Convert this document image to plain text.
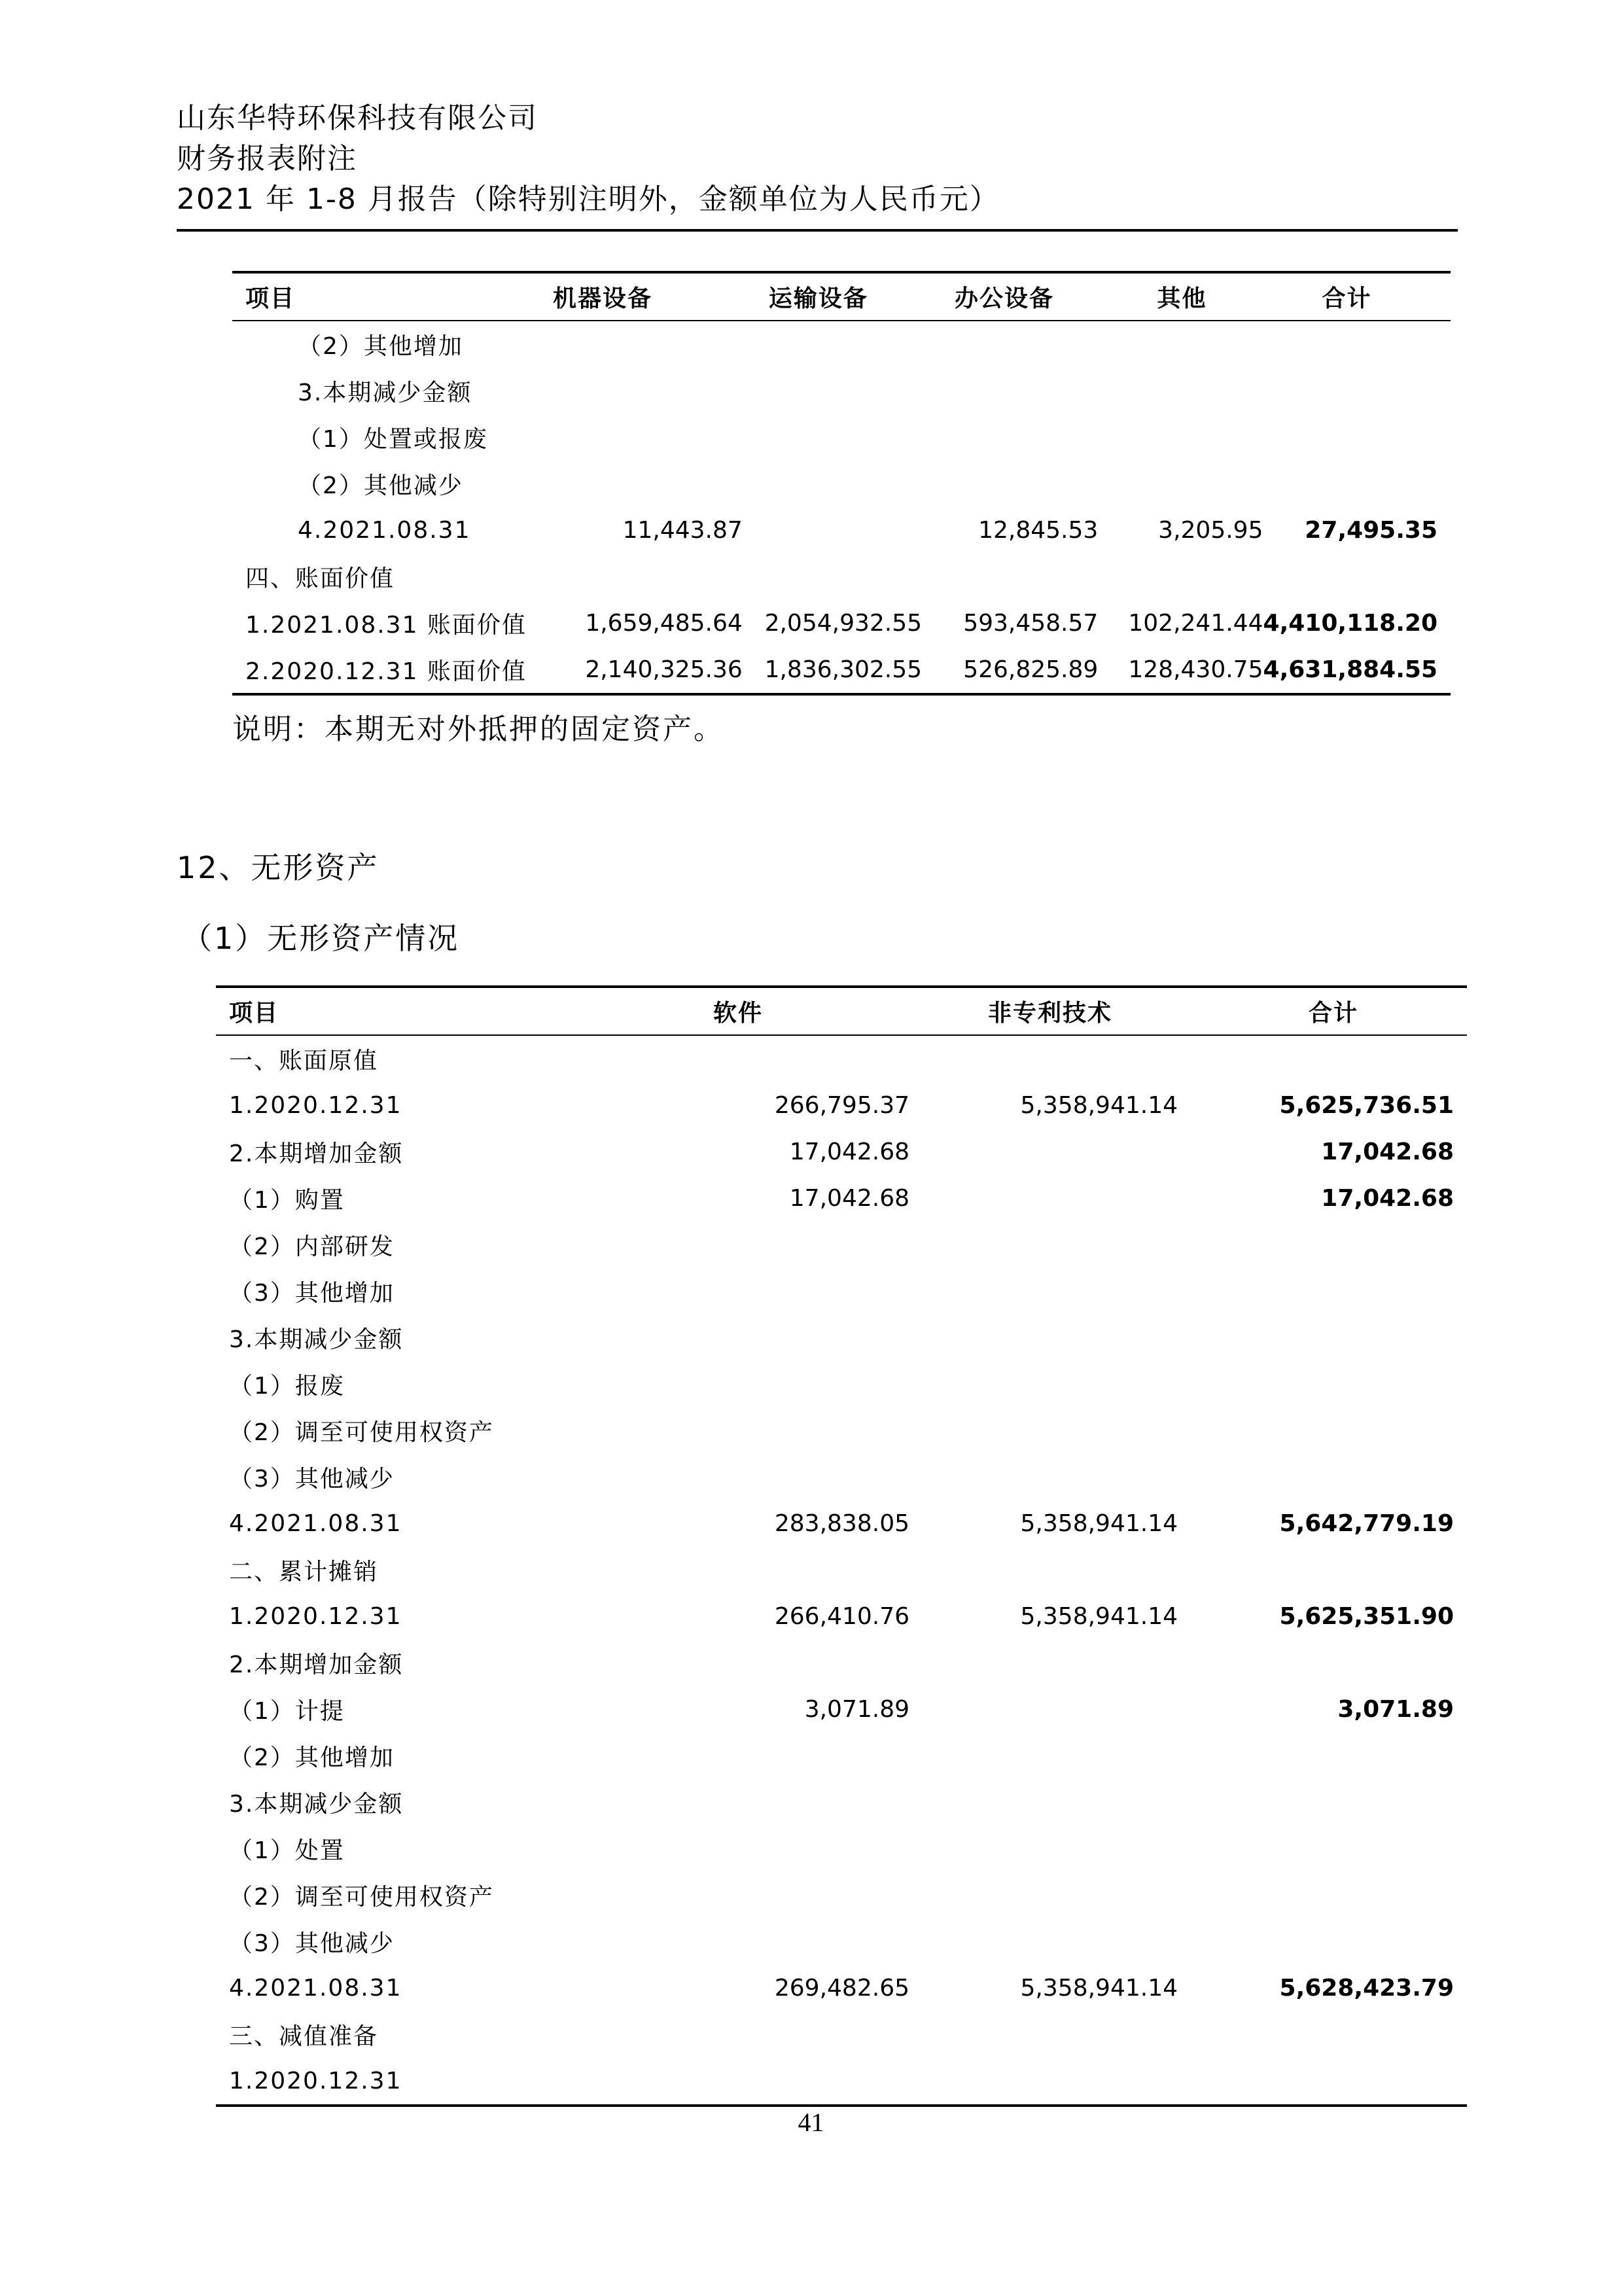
山东华特环保科技有限公司
财务报表附注
2021 年 1-8 月报告（除特别注明外，金额单位为人民币元）
项目	机器设备	运输设备	办公设备	其他	合计
（2）其他增加					
3.本期减少金额					
（1）处置或报废					
（2）其他减少					
4.2021.08.31	11,443.87		12,845.53	3,205.95	27,495.35
四、账面价值					
1.2021.08.31 账面价值	1,659,485.64	2,054,932.55	593,458.57	102,241.44	4,410,118.20
2.2020.12.31 账面价值	2,140,325.36	1,836,302.55	526,825.89	128,430.75	4,631,884.55
说明：本期无对外抵押的固定资产。
12、无形资产
（1）无形资产情况
项目	软件	非专利技术	合计
一、账面原值			
1.2020.12.31	266,795.37	5,358,941.14	5,625,736.51
2.本期增加金额	17,042.68		17,042.68
（1）购置	17,042.68		17,042.68
（2）内部研发			
（3）其他增加			
3.本期减少金额			
（1）报废			
（2）调至可使用权资产			
（3）其他减少			
4.2021.08.31	283,838.05	5,358,941.14	5,642,779.19
二、累计摊销			
1.2020.12.31	266,410.76	5,358,941.14	5,625,351.90
2.本期增加金额			
（1）计提	3,071.89		3,071.89
（2）其他增加			
3.本期减少金额			
（1）处置			
（2）调至可使用权资产			
（3）其他减少			
4.2021.08.31	269,482.65	5,358,941.14	5,628,423.79
三、减值准备			
1.2020.12.31			
41
